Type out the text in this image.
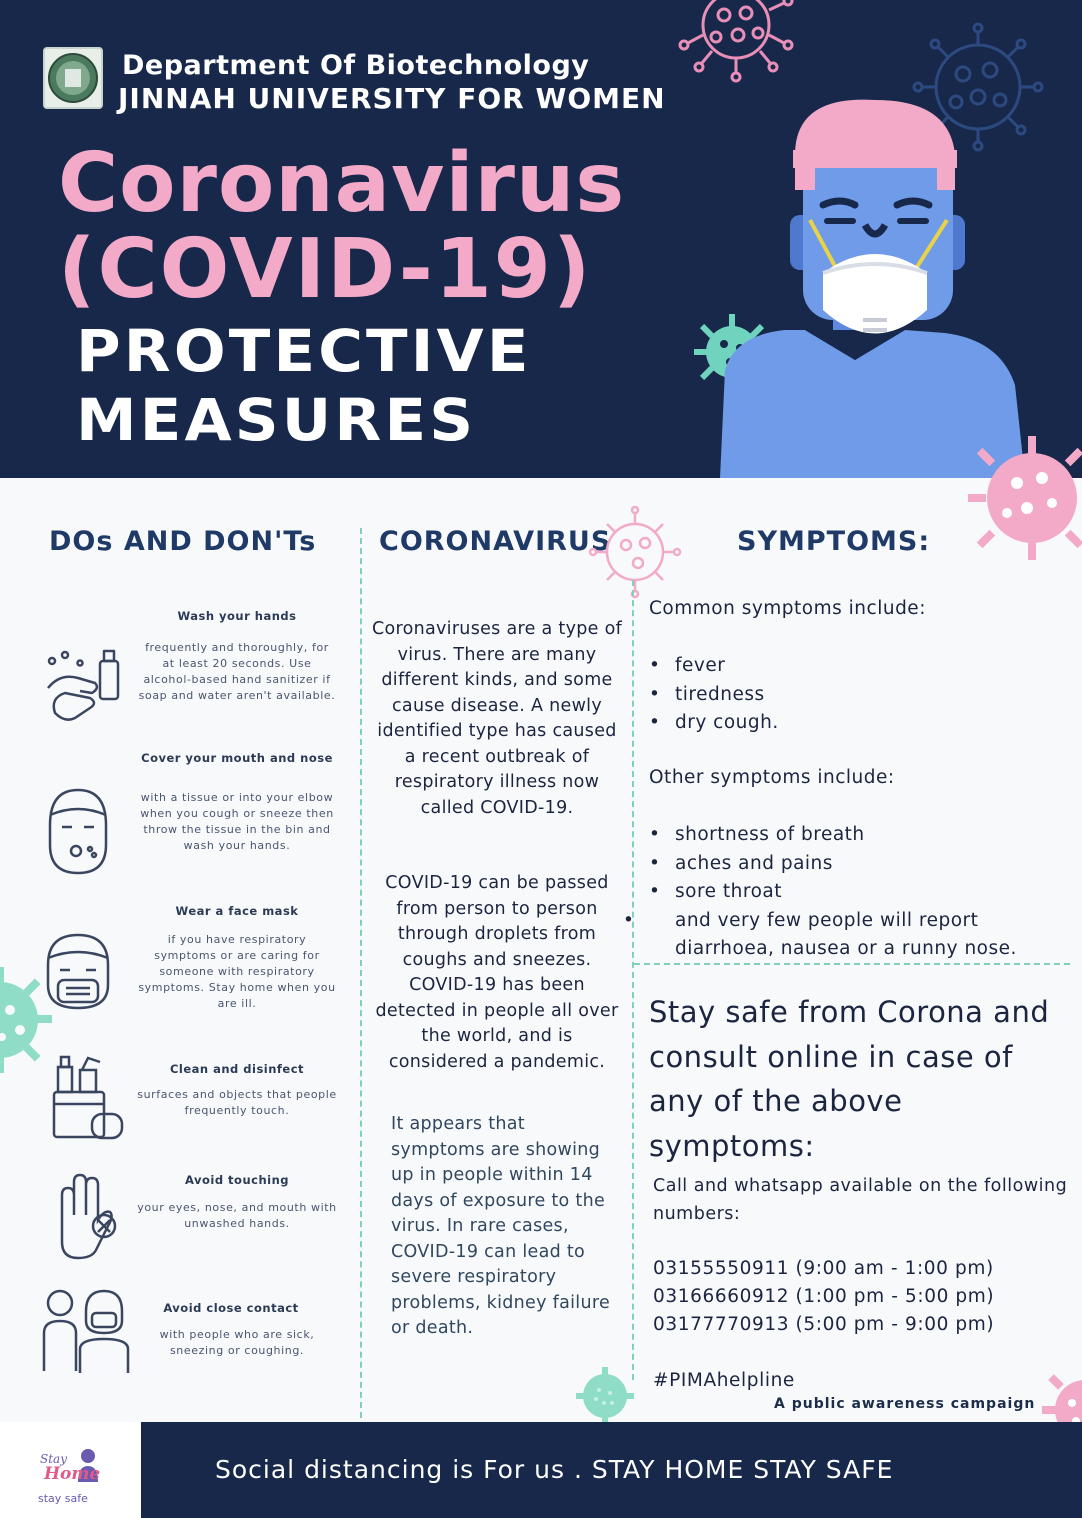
Department Of Biotechnology
JINNAH UNIVERSITY FOR WOMEN
Coronavirus
(COVID-19)
PROTECTIVE
MEASURES
DOs AND DON'Ts CORONAVIRUS	SYMPTOMS:
Wash your hands
frequently and thoroughly, for at least 20 seconds. Use alcohol-based hand sanitizer if soap and water aren't available.
Cover your mouth and nose
with a tissue or into your elbow when you cough or sneeze then throw the tissue in the bin and wash your hands.
Wear a face mask
if you have respiratory symptoms or are caring for someone with respiratory symptoms. Stay home when you are ill.
Clean and disinfect
surfaces and objects that people frequently touch.
Avoid touching
your eyes, nose, and mouth with unwashed hands.
Avoid close contact
with people who are sick, sneezing or coughing.
Coronaviruses are a type of virus. There are many different kinds, and some cause disease. A newly identified type has caused a recent outbreak of respiratory illness now called COVID-19.
COVID-19 can be passed from person to person through droplets from coughs and sneezes. COVID-19 has been detected in people all over the world, and is considered a pandemic.
It appears that symptoms are showing up in people within 14 days of exposure to the virus. In rare cases, COVID-19 can lead to severe respiratory problems, kidney failure or death.
Common symptoms include:
• fever
• tiredness
• dry cough.
Other symptoms include:
• shortness of breath
• aches and pains
• sore throat
• and very few people will report diarrhoea, nausea or a runny nose.
Stay safe from Corona and consult online in case of any of the above symptoms:
Call and whatsapp available on the following numbers:
03155550911 (9:00 am - 1:00 pm)
03166660912 (1:00 pm - 5:00 pm)
03177770913 (5:00 pm - 9:00 pm)
#PIMAhelpline
A public awareness campaign
Stay
Home
stay safe
Social distancing is For us . STAY HOME STAY SAFE
